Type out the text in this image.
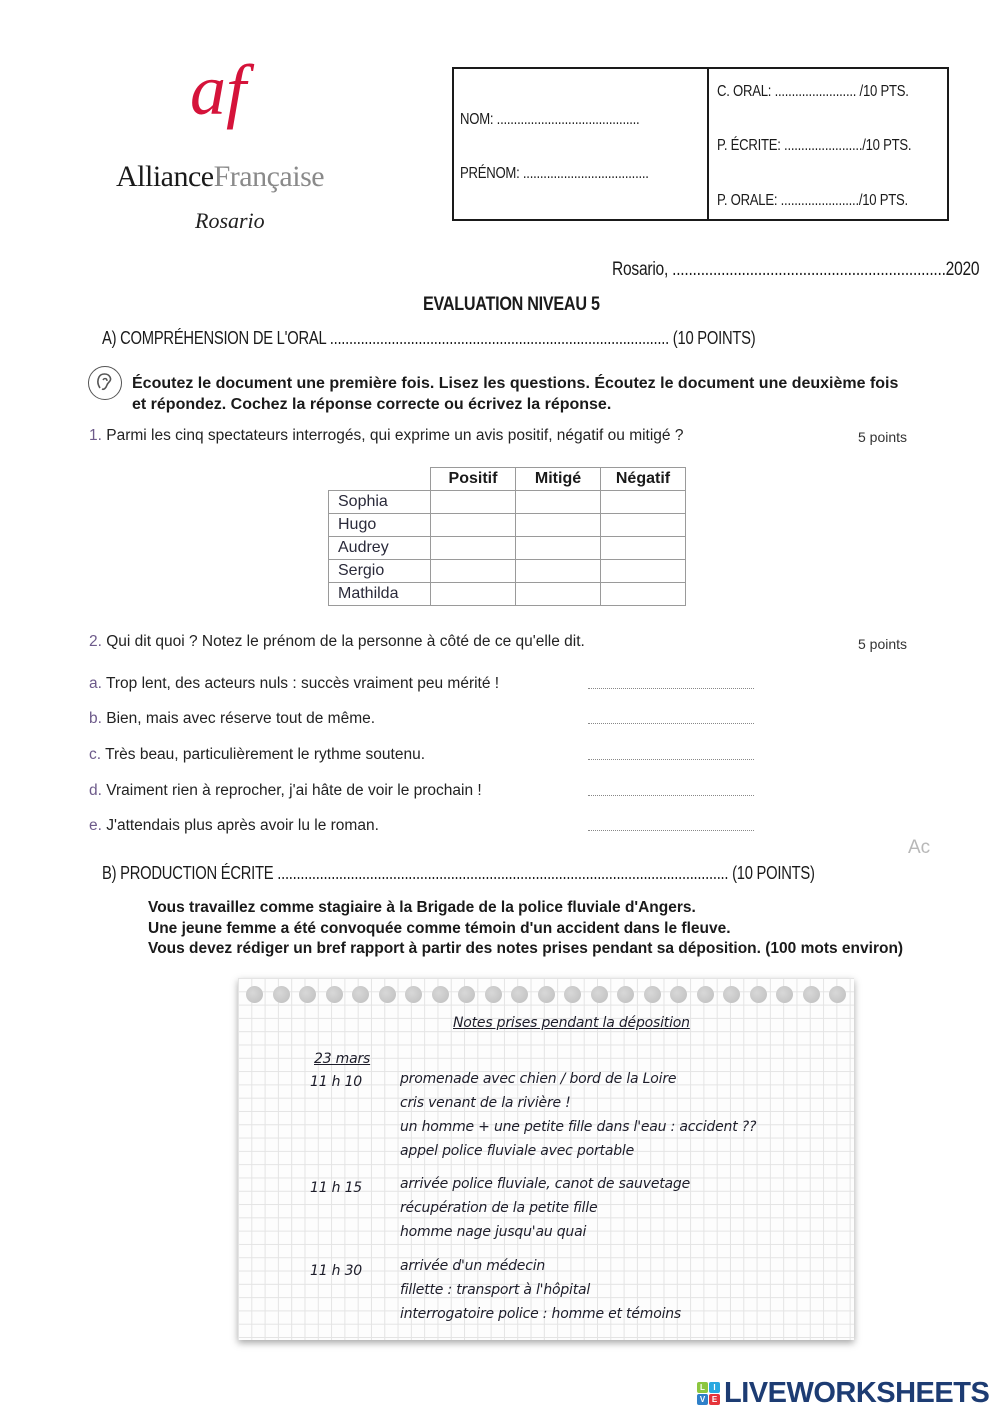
af
AllianceFrançaise
Rosario
NOM: ..........................................
PRÉNOM: .....................................
C. ORAL: ........................ /10 PTS.
P. ÉCRITE: ......................./10 PTS.
P. ORALE: ......................./10 PTS.
Rosario, ...................................................................2020
EVALUATION NIVEAU 5
A) COMPRÉHENSION DE L'ORAL ........................................................................................ (10 POINTS)
Écoutez le document une première fois. Lisez les questions. Écoutez le document une deuxième fois
et répondez. Cochez la réponse correcte ou écrivez la réponse.
1. Parmi les cinq spectateurs interrogés, qui exprime un avis positif, négatif ou mitigé ?	5 points
	Positif	Mitigé	Négatif
Sophia			
Hugo			
Audrey			
Sergio			
Mathilda			
2. Qui dit quoi ? Notez le prénom de la personne à côté de ce qu'elle dit.	5 points
a. Trop lent, des acteurs nuls : succès vraiment peu mérité !
b. Bien, mais avec réserve tout de même.
c. Très beau, particulièrement le rythme soutenu.
d. Vraiment rien à reprocher, j'ai hâte de voir le prochain !
e. J'attendais plus après avoir lu le roman.
Ac
B) PRODUCTION ÉCRITE ..................................................................................................................... (10 POINTS)
Vous travaillez comme stagiaire à la Brigade de la police fluviale d'Angers.
Une jeune femme a été convoquée comme témoin d'un accident dans le fleuve.
Vous devez rédiger un bref rapport à partir des notes prises pendant sa déposition. (100 mots environ)
Notes prises pendant la déposition
23 mars
11 h 10	promenade avec chien / bord de la Loire
cris venant de la rivière !
un homme + une petite fille dans l'eau : accident ??
appel police fluviale avec portable
11 h 15	arrivée police fluviale, canot de sauvetage
récupération de la petite fille
homme nage jusqu'au quai
11 h 30	arrivée d'un médecin
fillette : transport à l'hôpital
interrogatoire police : homme et témoins
L	I
V E LIVEWORKSHEETS
